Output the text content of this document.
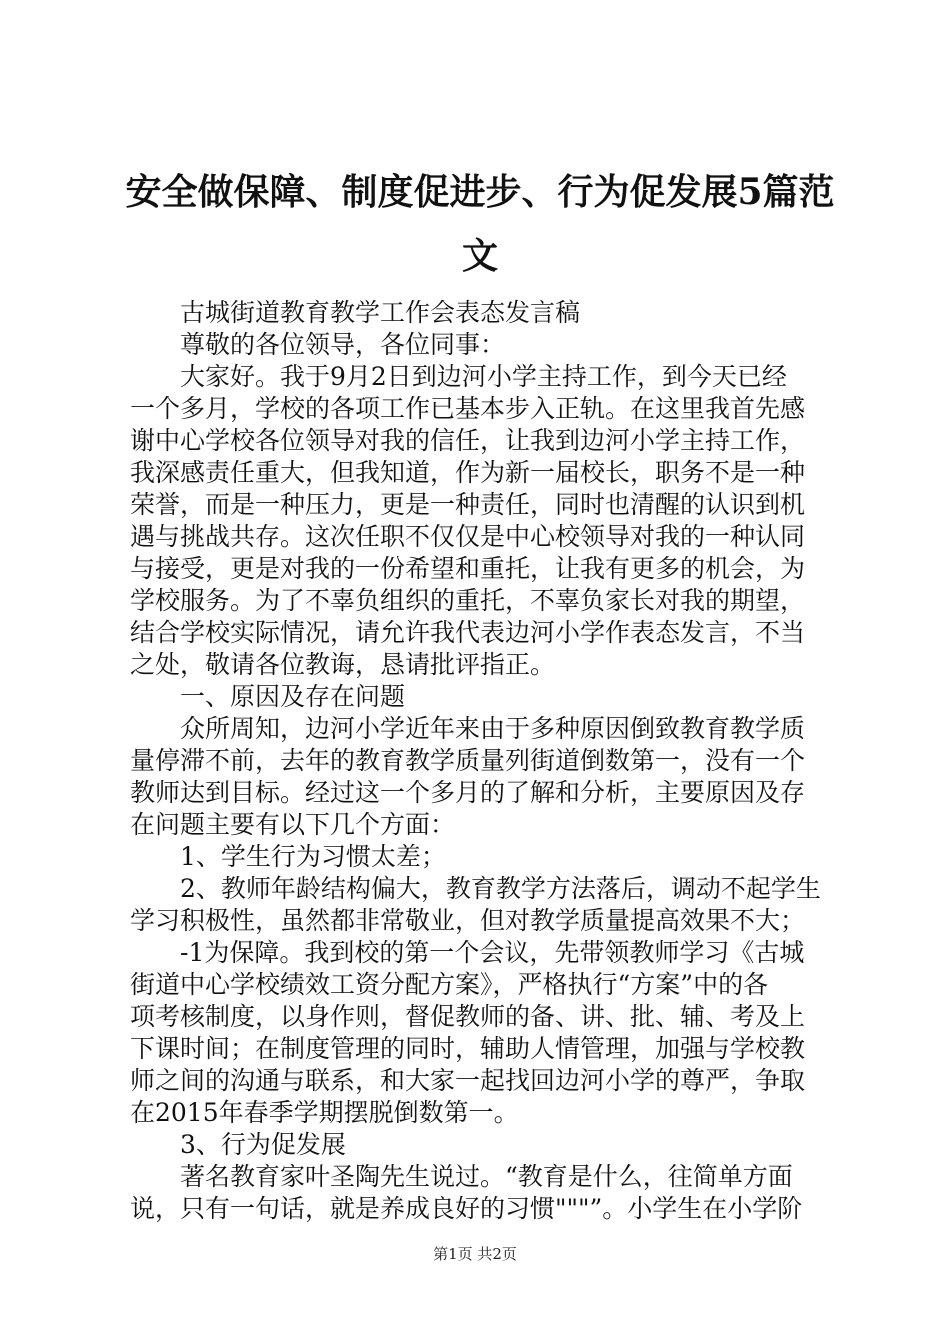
安全做保障、制度促进步、行为促发展5篇范
文
古城街道教育教学工作会表态发言稿
尊敬的各位领导，各位同事：
大家好。我于9月2日到边河小学主持工作，到今天已经
一个多月，学校的各项工作已基本步入正轨。在这里我首先感
谢中心学校各位领导对我的信任，让我到边河小学主持工作，
我深感责任重大，但我知道，作为新一届校长，职务不是一种
荣誉，而是一种压力，更是一种责任，同时也清醒的认识到机
遇与挑战共存。这次任职不仅仅是中心校领导对我的一种认同
与接受，更是对我的一份希望和重托，让我有更多的机会，为
学校服务。为了不辜负组织的重托，不辜负家长对我的期望，
结合学校实际情况，请允许我代表边河小学作表态发言，不当
之处，敬请各位教诲，恳请批评指正。
一、原因及存在问题
众所周知，边河小学近年来由于多种原因倒致教育教学质
量停滞不前，去年的教育教学质量列街道倒数第一，没有一个
教师达到目标。经过这一个多月的了解和分析，主要原因及存
在问题主要有以下几个方面：
1、学生行为习惯太差；
2、教师年龄结构偏大，教育教学方法落后，调动不起学生
学习积极性，虽然都非常敬业，但对教学质量提高效果不大；
-1为保障。我到校的第一个会议，先带领教师学习《古城
街道中心学校绩效工资分配方案》，严格执行“方案”中的各
项考核制度，以身作则，督促教师的备、讲、批、辅、考及上
下课时间；在制度管理的同时，辅助人情管理，加强与学校教
师之间的沟通与联系，和大家一起找回边河小学的尊严，争取
在2015年春季学期摆脱倒数第一。
3、行为促发展
著名教育家叶圣陶先生说过。“教育是什么，往简单方面
说，只有一句话，就是养成良好的习惯"""”。小学生在小学阶
第1页 共2页
